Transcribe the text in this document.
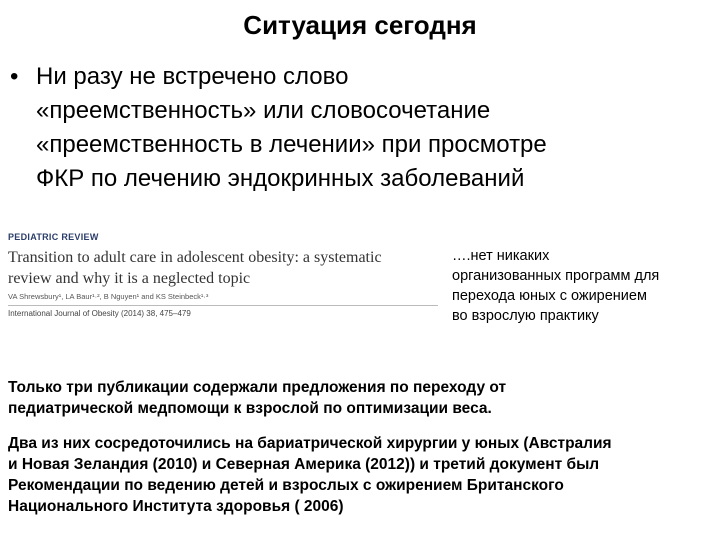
Ситуация сегодня
• Ни разу не встречено слово
«преемственность» или словосочетание
«преемственность в лечении» при просмотре
ФКР по лечению эндокринных заболеваний
PEDIATRIC REVIEW
Transition to adult care in adolescent obesity: a systematic
review and why it is a neglected topic
VA Shrewsbury¹, LA Baur¹·², B Nguyen¹ and KS Steinbeck¹·³
International Journal of Obesity (2014) 38, 475–479
….нет никаких
организованных программ для
перехода юных с ожирением
во взрослую практику
Только три публикации содержали предложения по переходу от
педиатрической медпомощи к взрослой по оптимизации веса.
Два из них сосредоточились на бариатрической хирургии у юных (Австралия
и Новая Зеландия (2010) и Северная Америка (2012)) и третий документ был
Рекомендации по ведению детей и взрослых с ожирением Британского
Национального Института здоровья ( 2006)
